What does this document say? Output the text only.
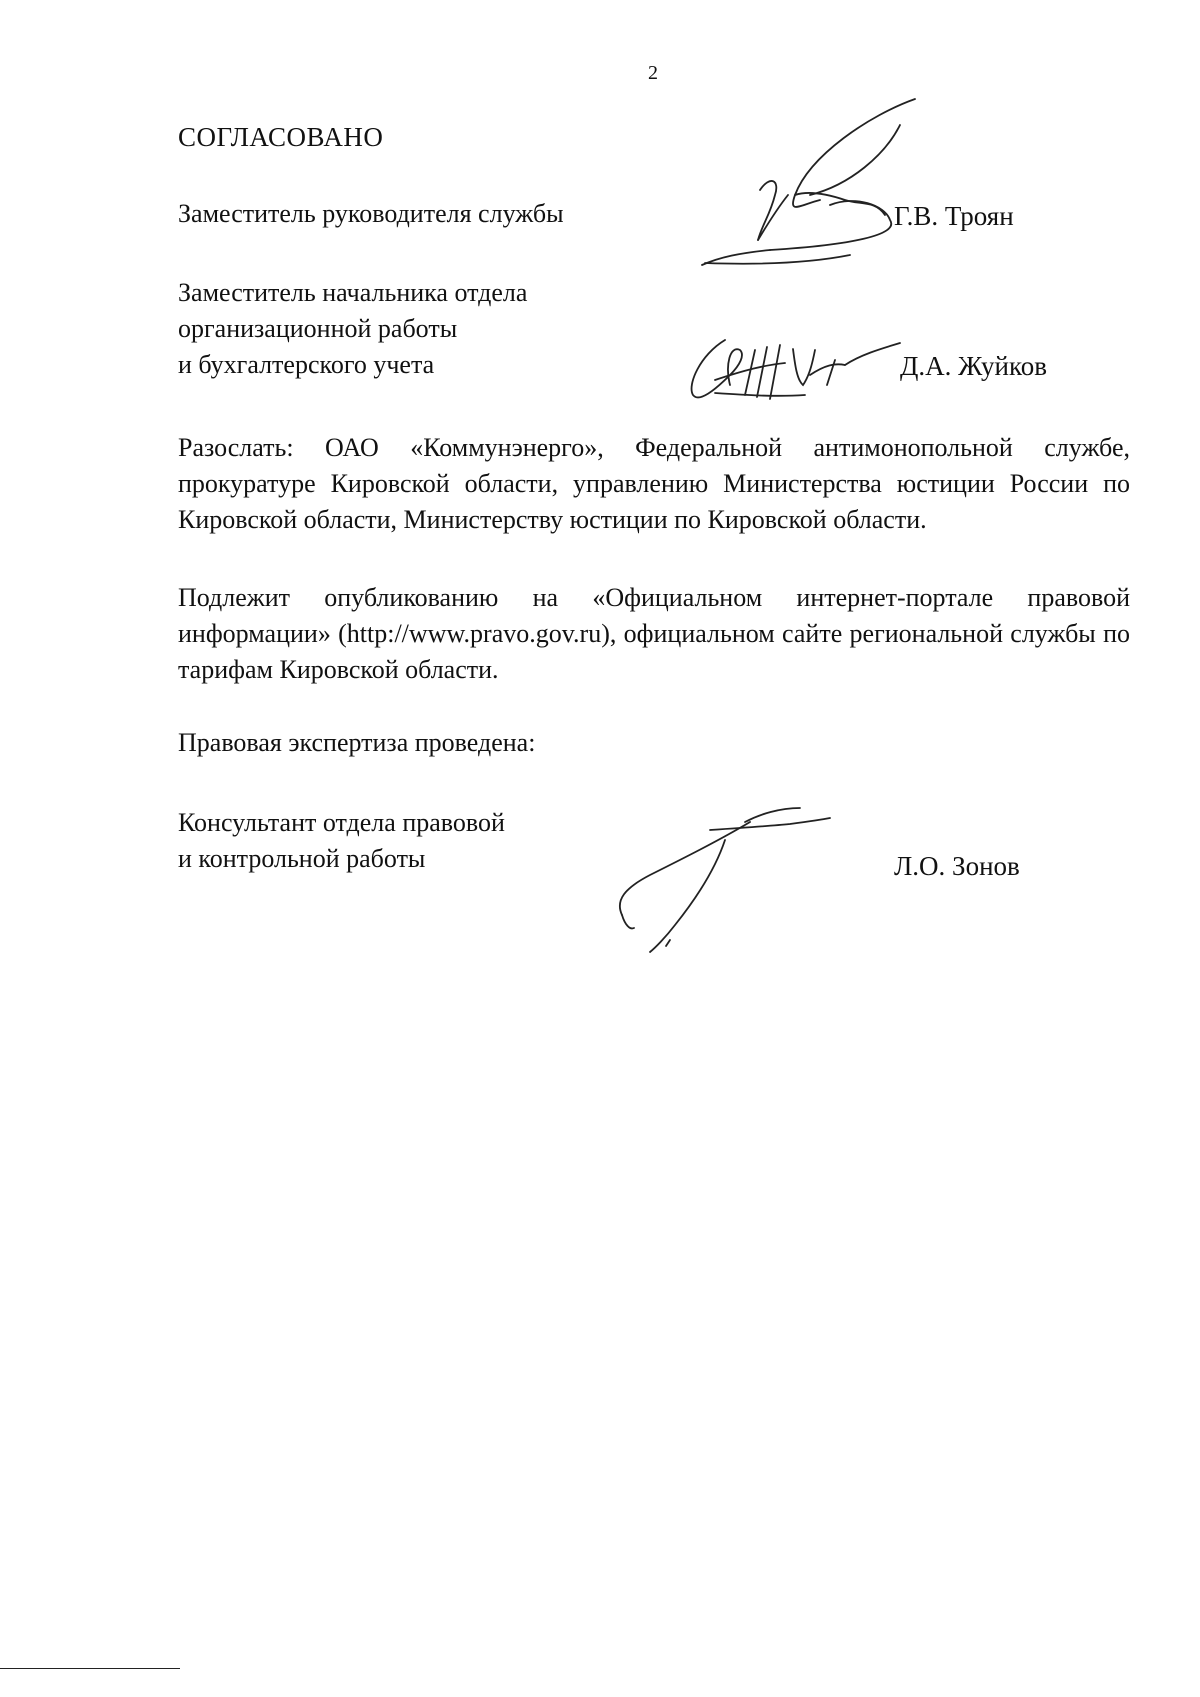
2
СОГЛАСОВАНО
Заместитель руководителя службы	Г.В. Троян
Заместитель начальника отдела
организационной работы
и бухгалтерского учета	Д.А. Жуйков
Разослать: ОАО «Коммунэнерго», Федеральной антимонопольной службе, прокуратуре Кировской области, управлению Министерства юстиции России по Кировской области, Министерству юстиции по Кировской области.
Подлежит опубликованию на «Официальном интернет-портале правовой информации» (http://www.pravo.gov.ru), официальном сайте региональной службы по тарифам Кировской области.
Правовая экспертиза проведена:
Консультант отдела правовой
и контрольной работы	Л.О. Зонов
